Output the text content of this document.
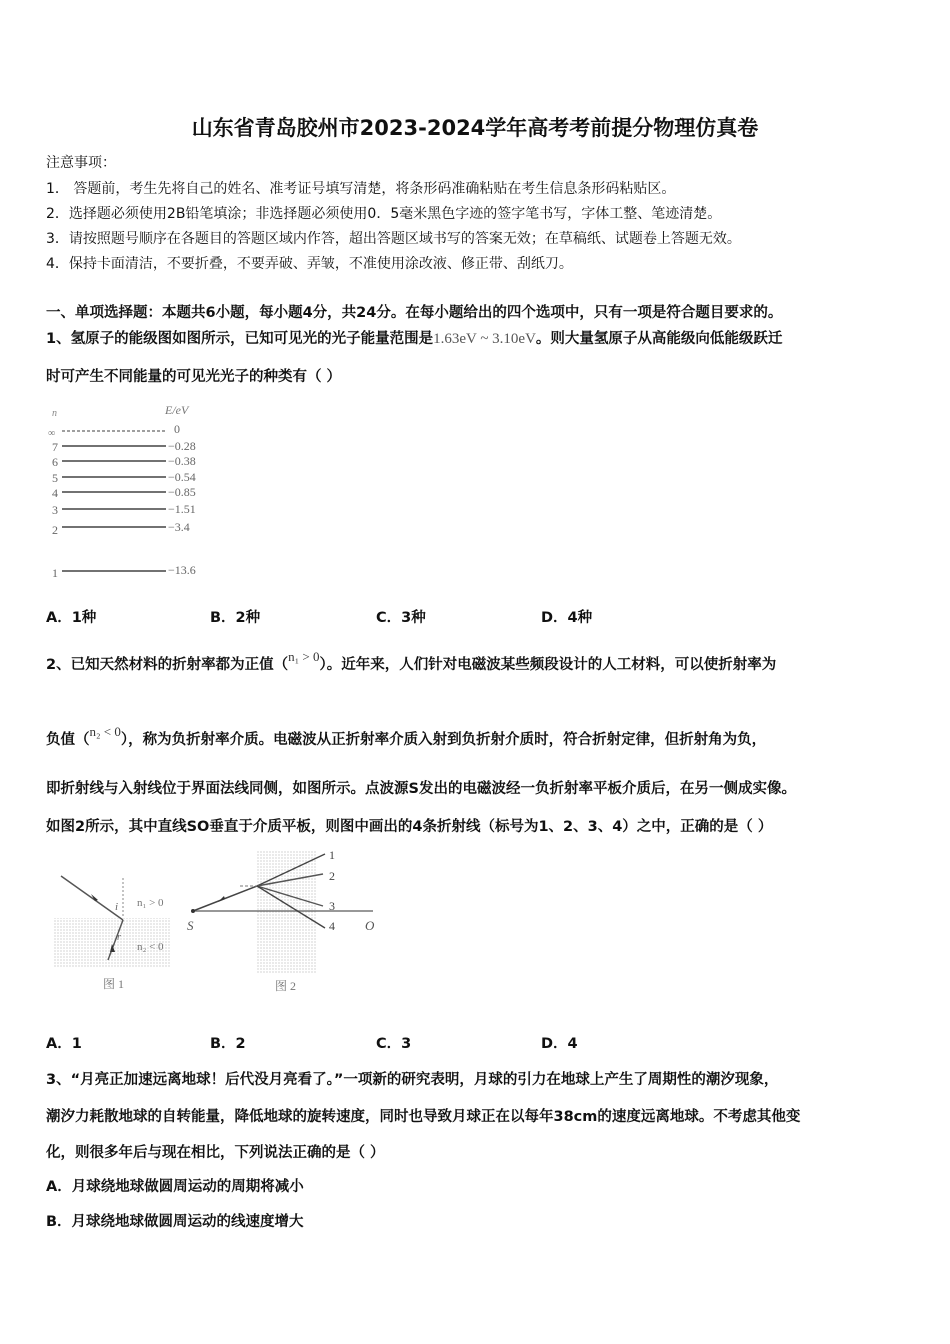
山东省青岛胶州市2023-2024学年高考考前提分物理仿真卷
注意事项：
1． 答题前，考生先将自己的姓名、准考证号填写清楚，将条形码准确粘贴在考生信息条形码粘贴区。
2．选择题必须使用2B铅笔填涂；非选择题必须使用0．5毫米黑色字迹的签字笔书写，字体工整、笔迹清楚。
3．请按照题号顺序在各题目的答题区域内作答，超出答题区域书写的答案无效；在草稿纸、试题卷上答题无效。
4．保持卡面清洁，不要折叠，不要弄破、弄皱，不准使用涂改液、修正带、刮纸刀。
一、单项选择题：本题共6小题，每小题4分，共24分。在每小题给出的四个选项中，只有一项是符合题目要求的。
1、氢原子的能级图如图所示，已知可见光的光子能量范围是1.63eV ~ 3.10eV。则大量氢原子从高能级向低能级跃迁
时可产生不同能量的可见光光子的种类有（ ）
n	E/eV
∞	0
7	−0.28
6	−0.38
5	−0.54
4	−0.85
3	−1.51
2	−3.4
1	−13.6
A．1种	B．2种	C．3种	D．4种
2、已知天然材料的折射率都为正值（n₁ > 0）。近年来，人们针对电磁波某些频段设计的人工材料，可以使折射率为
负值（n₂ < 0），称为负折射率介质。电磁波从正折射率介质入射到负折射介质时，符合折射定律，但折射角为负，
即折射线与入射线位于界面法线同侧，如图所示。点波源S发出的电磁波经一负折射率平板介质后，在另一侧成实像。
如图2所示，其中直线SO垂直于介质平板，则图中画出的4条折射线（标号为1、2、3、4）之中，正确的是（ ）
i n₁ > 0
r
n₂ < 0
图 1
1
2
3
4
S	O
图 2
A．1	B．2	C．3	D．4
3、“月亮正加速远离地球！后代没月亮看了。”一项新的研究表明，月球的引力在地球上产生了周期性的潮汐现象，
潮汐力耗散地球的自转能量，降低地球的旋转速度，同时也导致月球正在以每年38cm的速度远离地球。不考虑其他变
化，则很多年后与现在相比，下列说法正确的是（ ）
A．月球绕地球做圆周运动的周期将减小
B．月球绕地球做圆周运动的线速度增大
